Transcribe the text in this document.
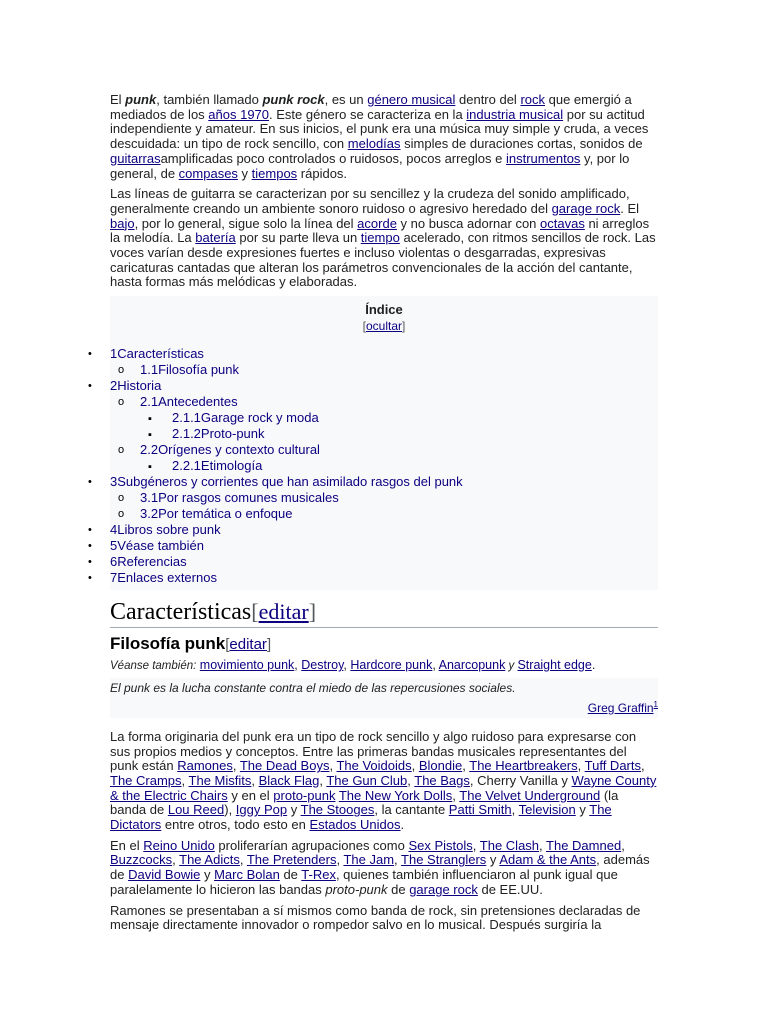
El punk, también llamado punk rock, es un género musical dentro del rock que emergió a mediados de los años 1970. Este género se caracteriza en la industria musical por su actitud independiente y amateur. En sus inicios, el punk era una música muy simple y cruda, a veces descuidada: un tipo de rock sencillo, con melodías simples de duraciones cortas, sonidos de guitarrasamplificadas poco controlados o ruidosos, pocos arreglos e instrumentos y, por lo general, de compases y tiempos rápidos.

Las líneas de guitarra se caracterizan por su sencillez y la crudeza del sonido amplificado, generalmente creando un ambiente sonoro ruidoso o agresivo heredado del garage rock. El bajo, por lo general, sigue solo la línea del acorde y no busca adornar con octavas ni arreglos la melodía. La batería por su parte lleva un tiempo acelerado, con ritmos sencillos de rock. Las voces varían desde expresiones fuertes e incluso violentas o desgarradas, expresivas caricaturas cantadas que alteran los parámetros convencionales de la acción del cantante, hasta formas más melódicas y elaboradas.

Índice
[ocultar]
• 1Características
o 1.1Filosofía punk
• 2Historia
o 2.1Antecedentes
▪ 2.1.1Garage rock y moda
▪ 2.1.2Proto-punk
o 2.2Orígenes y contexto cultural
▪ 2.2.1Etimología
• 3Subgéneros y corrientes que han asimilado rasgos del punk
o 3.1Por rasgos comunes musicales
o 3.2Por temática o enfoque
• 4Libros sobre punk
• 5Véase también
• 6Referencias
• 7Enlaces externos
Características[editar]
Filosofía punk[editar]
Véanse también: movimiento punk, Destroy, Hardcore punk, Anarcopunk y Straight edge.
El punk es la lucha constante contra el miedo de las repercusiones sociales.
Greg Graffin$^1$

La forma originaria del punk era un tipo de rock sencillo y algo ruidoso para expresarse con sus propios medios y conceptos. Entre las primeras bandas musicales representantes del punk están Ramones, The Dead Boys, The Voidoids, Blondie, The Heartbreakers, Tuff Darts, The Cramps, The Misfits, Black Flag, The Gun Club, The Bags, Cherry Vanilla y Wayne County & the Electric Chairs y en el proto-punk The New York Dolls, The Velvet Underground (la banda de Lou Reed), Iggy Pop y The Stooges, la cantante Patti Smith, Television y The Dictators entre otros, todo esto en Estados Unidos.

En el Reino Unido proliferarían agrupaciones como Sex Pistols, The Clash, The Damned, Buzzcocks, The Adicts, The Pretenders, The Jam, The Stranglers y Adam & the Ants, además de David Bowie y Marc Bolan de T-Rex, quienes también influenciaron al punk igual que paralelamente lo hicieron las bandas proto-punk de garage rock de EE.UU.

Ramones se presentaban a sí mismos como banda de rock, sin pretensiones declaradas de mensaje directamente innovador o rompedor salvo en lo musical. Después surgiría la
